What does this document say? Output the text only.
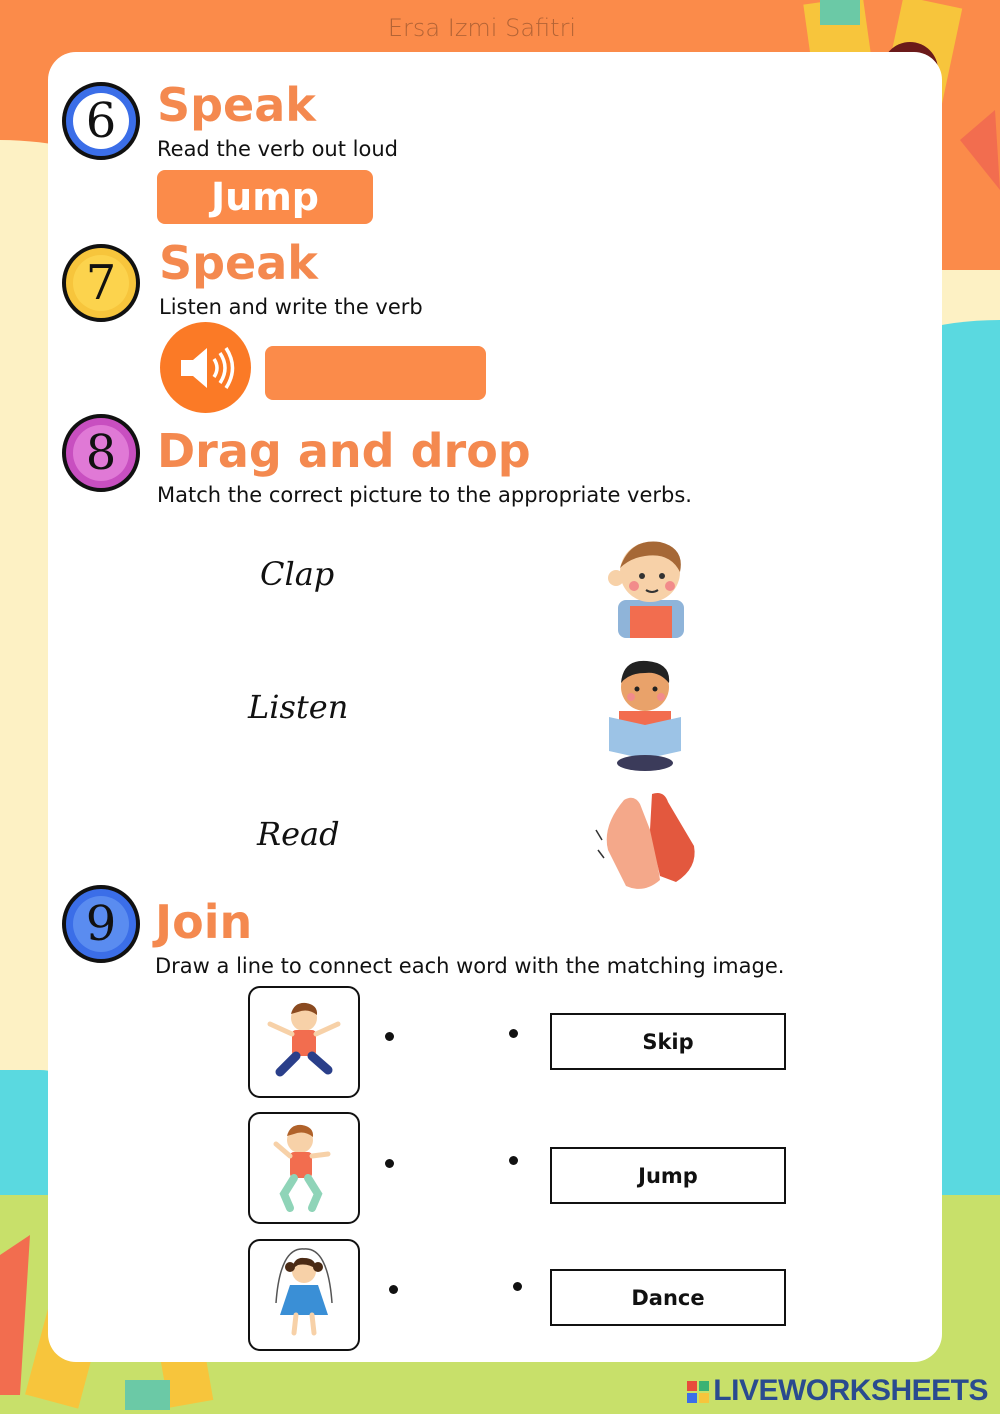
Ersa Izmi Safitri
6 Speak
Read the verb out loud
Jump
7 Speak
Listen and write the verb
8 Drag and drop
Match the correct picture to the appropriate verbs.
Clap
Listen
Read
9 Join
Draw a line to connect each word with the matching image.
Skip
Jump
Dance
LIVEWORKSHEETS
